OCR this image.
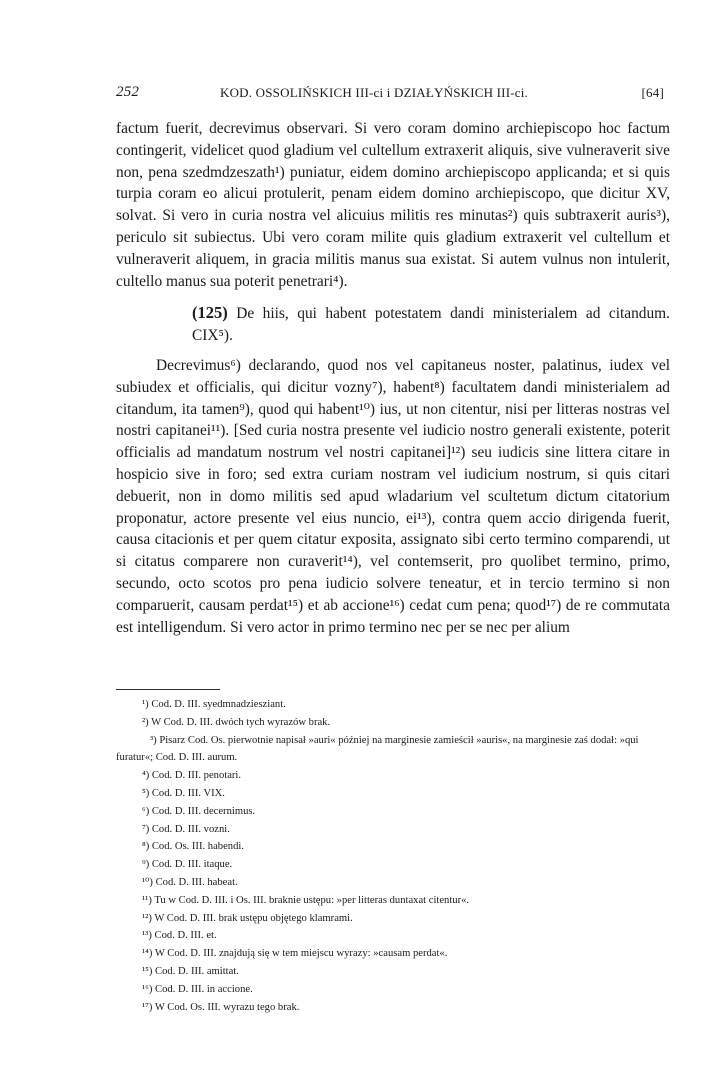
252	KOD. OSSOLIŃSKICH III-ci i DZIAŁYŃSKICH III-ci.	[64]

factum fuerit, decrevimus observari. Si vero coram domino archiepiscopo hoc factum contingerit, videlicet quod gladium vel cultellum extraxerit aliquis, sive vulneraverit sive non, pena szedmdzeszath¹) puniatur, eidem domino archiepiscopo applicanda; et si quis turpia coram eo alicui protulerit, penam eidem domino archiepiscopo, que dicitur XV, solvat. Si vero in curia nostra vel alicuius militis res minutas²) quis subtraxerit auris³), periculo sit subiectus. Ubi vero coram milite quis gladium extraxerit vel cultellum et vulneraverit aliquem, in gracia militis manus sua existat. Si autem vulnus non intulerit, cultello manus sua poterit penetrari⁴).

(125) De hiis, qui habent potestatem dandi ministerialem ad citandum. CIX⁵).

Decrevimus⁶) declarando, quod nos vel capitaneus noster, palatinus, iudex vel subiudex et officialis, qui dicitur vozny⁷), habent⁸) facultatem dandi ministerialem ad citandum, ita tamen⁹), quod qui habent¹⁰) ius, ut non citentur, nisi per litteras nostras vel nostri capitanei¹¹). [Sed curia nostra presente vel iudicio nostro generali existente, poterit officialis ad mandatum nostrum vel nostri capitanei]¹²) seu iudicis sine littera citare in hospicio sive in foro; sed extra curiam nostram vel iudicium nostrum, si quis citari debuerit, non in domo militis sed apud wladarium vel scultetum dictum citatorium proponatur, actore presente vel eius nuncio, ei¹³), contra quem accio dirigenda fuerit, causa citacionis et per quem citatur exposita, assignato sibi certo termino comparendi, ut si citatus comparere non curaverit¹⁴), vel contemserit, pro quolibet termino, primo, secundo, octo scotos pro pena iudicio solvere teneatur, et in tercio termino si non comparuerit, causam perdat¹⁵) et ab accione¹⁶) cedat cum pena; quod¹⁷) de re commutata est intelligendum. Si vero actor in primo termino nec per se nec per alium

¹) Cod. D. III. syedmnadziesziant.
²) W Cod. D. III. dwóch tych wyrazów brak.
³) Pisarz Cod. Os. pierwotnie napisał »auri« później na marginesie zamieścił »auris«, na marginesie zaś dodał: »qui furatur«; Cod. D. III. aurum.
⁴) Cod. D. III. penotari.
⁵) Cod. D. III. VIX.
⁶) Cod. D. III. decernimus.
⁷) Cod. D. III. vozni.
⁸) Cod. Os. III. habendi.
⁹) Cod. D. III. itaque.
¹⁰) Cod. D. III. habeat.
¹¹) Tu w Cod. D. III. i Os. III. braknie ustępu: »per litteras duntaxat citentur«.
¹²) W Cod. D. III. brak ustępu objętego klamrami.
¹³) Cod. D. III. et.
¹⁴) W Cod. D. III. znajdują się w tem miejscu wyrazy: »causam perdat«.
¹⁵) Cod. D. III. amittat.
¹⁶) Cod. D. III. in accione.
¹⁷) W Cod. Os. III. wyrazu tego brak.
